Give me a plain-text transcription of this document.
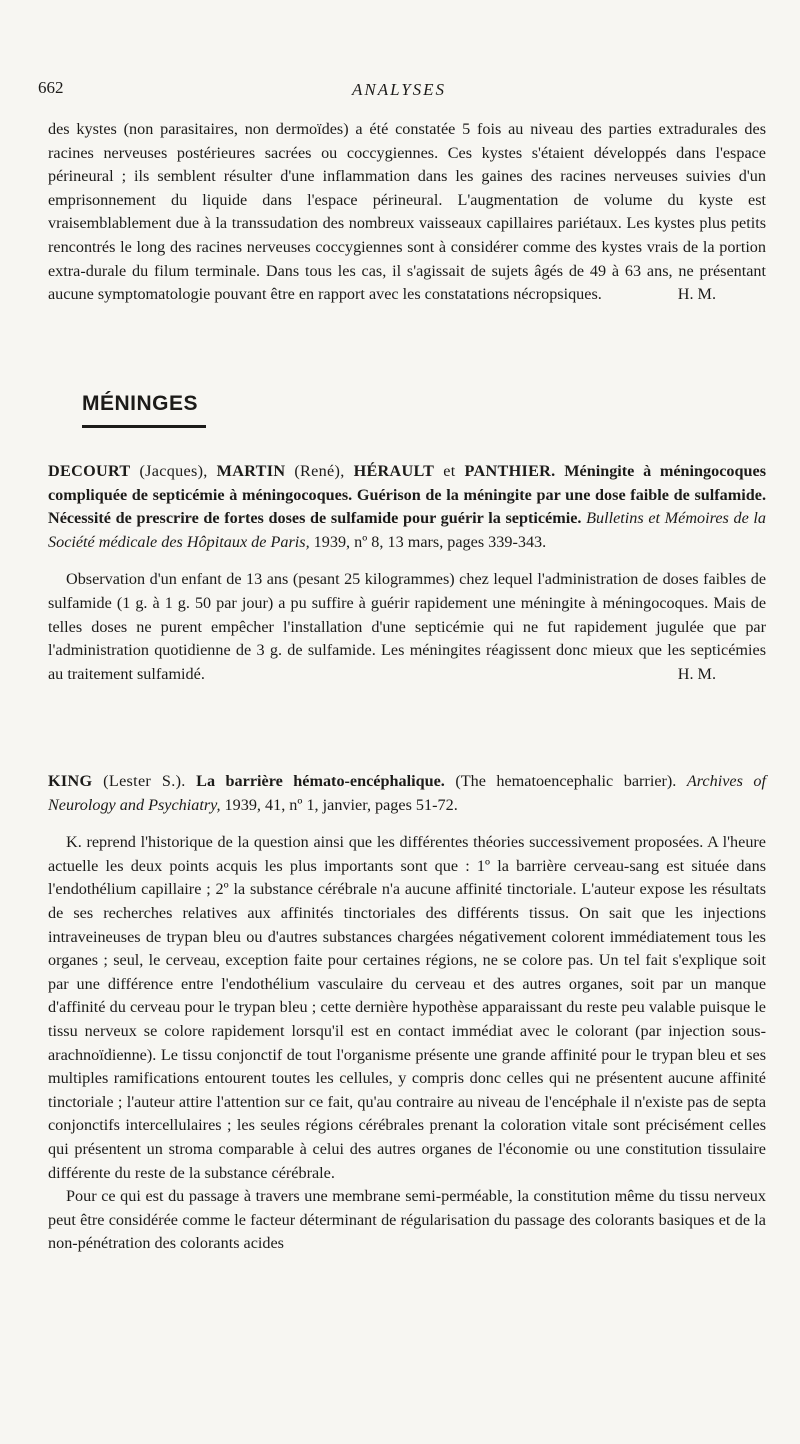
662	ANALYSES

des kystes (non parasitaires, non dermoïdes) a été constatée 5 fois au niveau des parties extradurales des racines nerveuses postérieures sacrées ou coccygiennes. Ces kystes s'étaient développés dans l'espace périneural ; ils semblent résulter d'une inflammation dans les gaines des racines nerveuses suivies d'un emprisonnement du liquide dans l'espace périneural. L'augmentation de volume du kyste est vraisemblablement due à la transsudation des nombreux vaisseaux capillaires pariétaux. Les kystes plus petits rencontrés le long des racines nerveuses coccygiennes sont à considérer comme des kystes vrais de la portion extra-durale du filum terminale. Dans tous les cas, il s'agissait de sujets âgés de 49 à 63 ans, ne présentant aucune symptomatologie pouvant être en rapport avec les constatations nécropsiques.	H. M.

MÉNINGES

DECOURT (Jacques), MARTIN (René), HÉRAULT et PANTHIER. Méningite à méningocoques compliquée de septicémie à méningocoques. Guérison de la méningite par une dose faible de sulfamide. Nécessité de prescrire de fortes doses de sulfamide pour guérir la septicémie. Bulletins et Mémoires de la Société médicale des Hôpitaux de Paris, 1939, nº 8, 13 mars, pages 339-343.

Observation d'un enfant de 13 ans (pesant 25 kilogrammes) chez lequel l'administration de doses faibles de sulfamide (1 g. à 1 g. 50 par jour) a pu suffire à guérir rapidement une méningite à méningocoques. Mais de telles doses ne purent empêcher l'installation d'une septicémie qui ne fut rapidement jugulée que par l'administration quotidienne de 3 g. de sulfamide. Les méningites réagissent donc mieux que les septicémies au traitement sulfamidé.	H. M.

KING (Lester S.). La barrière hémato-encéphalique. (The hematoencephalic barrier). Archives of Neurology and Psychiatry, 1939, 41, nº 1, janvier, pages 51-72.

K. reprend l'historique de la question ainsi que les différentes théories successivement proposées. A l'heure actuelle les deux points acquis les plus importants sont que : 1º la barrière cerveau-sang est située dans l'endothélium capillaire ; 2º la substance cérébrale n'a aucune affinité tinctoriale. L'auteur expose les résultats de ses recherches relatives aux affinités tinctoriales des différents tissus. On sait que les injections intraveineuses de trypan bleu ou d'autres substances chargées négativement colorent immédiatement tous les organes ; seul, le cerveau, exception faite pour certaines régions, ne se colore pas. Un tel fait s'explique soit par une différence entre l'endothélium vasculaire du cerveau et des autres organes, soit par un manque d'affinité du cerveau pour le trypan bleu ; cette dernière hypothèse apparaissant du reste peu valable puisque le tissu nerveux se colore rapidement lorsqu'il est en contact immédiat avec le colorant (par injection sous-arachnoïdienne). Le tissu conjonctif de tout l'organisme présente une grande affinité pour le trypan bleu et ses multiples ramifications entourent toutes les cellules, y compris donc celles qui ne présentent aucune affinité tinctoriale ; l'auteur attire l'attention sur ce fait, qu'au contraire au niveau de l'encéphale il n'existe pas de septa conjonctifs intercellulaires ; les seules régions cérébrales prenant la coloration vitale sont précisément celles qui présentent un stroma comparable à celui des autres organes de l'économie ou une constitution tissulaire différente du reste de la substance cérébrale.

Pour ce qui est du passage à travers une membrane semi-perméable, la constitution même du tissu nerveux peut être considérée comme le facteur déterminant de régularisation du passage des colorants basiques et de la non-pénétration des colorants acides
